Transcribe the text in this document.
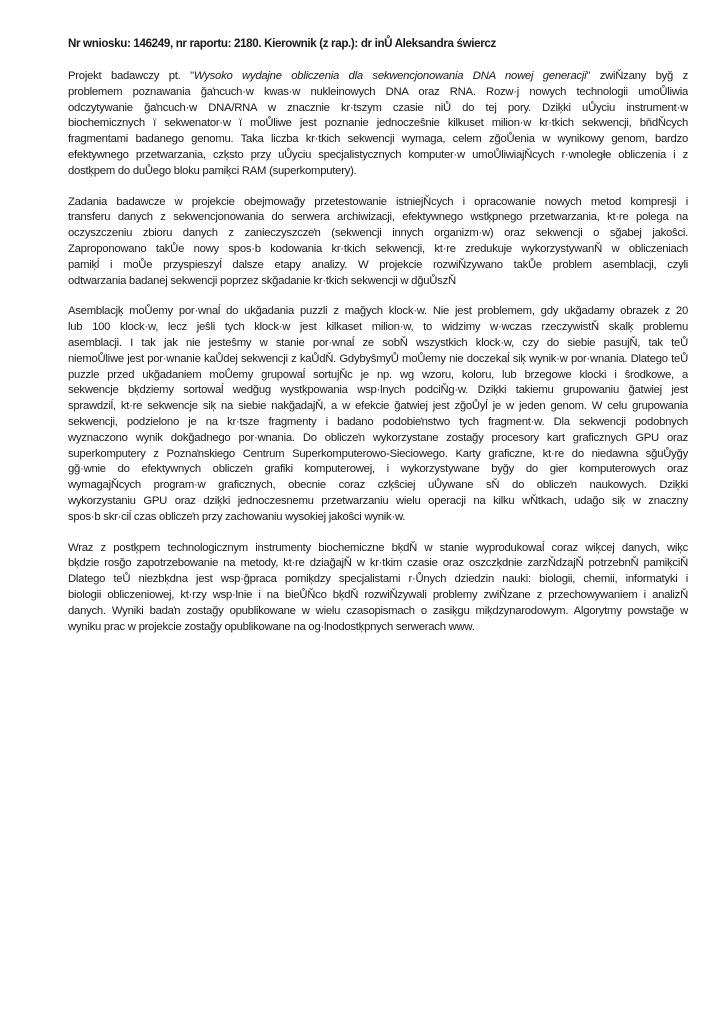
Nr wniosku: 146249, nr raportu: 2180. Kierownik (z rap.): dr inŮ Aleksandra świercz
Projekt badawczy pt. "Wysoko wydajne obliczenia dla sekwencjonowania DNA nowej generacji" zwiŇzany byğ z
problemem poznawania ğaŉcuch·w kwas·w nukleinowych DNA oraz RNA. Rozw·j nowych technologii umoŮliwia
odczytywanie ğaŉcuch·w DNA/RNA w znacznie kr·tszym czasie niŮ do tej pory. Dziķki uŮyciu instrument·w
biochemicznych ï sekwenator·w ï moŮliwe jest poznanie jednoczeŝnie kilkuset milion·w kr·tkich sekwencji, bňdŇcych
fragmentami badanego genomu. Taka liczba kr·tkich sekwencji wymaga, celem zğoŮenia w wynikowy genom, bardzo
efektywnego przetwarzania, czķsto przy uŮyciu specjalistycznych komputer·w umoŮliwiajŇcych r·wnoległe obliczenia i z
dostķpem do duŮego bloku pamiķci RAM (superkomputery).
Zadania badawcze w projekcie obejmowağy przetestowanie istniejŇcych i opracowanie nowych metod kompresji i
transferu danych z sekwencjonowania do serwera archiwizacji, efektywnego wstķpnego przetwarzania, kt·re polega na
oczyszczeniu zbioru danych z zanieczyszczeŉ (sekwencji innych organizm·w) oraz sekwencji o sğabej jakoŝci.
Zaproponowano takŮe nowy spos·b kodowania kr·tkich sekwencji, kt·re zredukuje wykorzystywanŇ w obliczeniach
pamiķĺ i moŮe przyspieszyĺ dalsze etapy analizy. W projekcie rozwiŇzywano takŮe problem asemblacji, czyli
odtwarzania badanej sekwencji poprzez skğadanie kr·tkich sekwencji w dğuŮszŇ
Asemblacjķ moŮemy por·wnaĺ do ukğadania puzzli z mağych klock·w. Nie jest problemem, gdy ukğadamy obrazek z 20
lub 100 klock·w, lecz jeŝli tych klock·w jest kilkaset milion·w, to widzimy w·wczas rzeczywistŇ skalķ problemu
asemblacji. I tak jak nie jesteŝmy w stanie por·wnaĺ ze sobŇ wszystkich klock·w, czy do siebie pasujŇ, tak teŮ
niemoŮliwe jest por·wnanie kaŮdej sekwencji z kaŮdŇ. GdybyŝmyŮ moŮemy nie doczekaĺ siķ wynik·w por·wnania. Dlatego teŮ
puzzle przed ukğadaniem moŮemy grupowaĺ sortujŇc je np. wg wzoru, koloru, lub brzegowe klocki i ŝrodkowe, a
sekwencje bķdziemy sortowaĺ wedğug wystķpowania wsp·lnych podciŇg·w. Dziķki takiemu grupowaniu ğatwiej jest
sprawdziĺ, kt·re sekwencje siķ na siebie nakğadajŇ, a w efekcie ğatwiej jest zğoŮyĺ je w jeden genom. W celu grupowania
sekwencji, podzielono je na kr·tsze fragmenty i badano podobieŉstwo tych fragment·w. Dla sekwencji podobnych
wyznaczono wynik dokğadnego por·wnania. Do obliczeŉ wykorzystane zostağy procesory kart graficznych GPU oraz
superkomputery z Poznaŉskiego Centrum Superkomputerowo-Sieciowego. Karty graficzne, kt·re do niedawna sğuŮyğy
gğ·wnie do efektywnych obliczeŉ grafiki komputerowej, i wykorzystywane byğy do gier komputerowych oraz
wymagajŇcych program·w graficznych, obecnie coraz czķŝciej uŮywane sŇ do obliczeŉ naukowych. Dziķki
wykorzystaniu GPU oraz dziķki jednoczesnemu przetwarzaniu wielu operacji na kilku wŇtkach, udağo siķ w znaczny
spos·b skr·ciĺ czas obliczeŉ przy zachowaniu wysokiej jakoŝci wynik·w.
Wraz z postķpem technologicznym instrumenty biochemiczne bķdŇ w stanie wyprodukowaĺ coraz wiķcej danych, wiķc
bķdzie rosğo zapotrzebowanie na metody, kt·re dziağajŇ w kr·tkim czasie oraz oszczķdnie zarzŇdzajŇ potrzebnŇ pamiķciŇ
Dlatego teŮ niezbķdna jest wsp·ğpraca pomiķdzy specjalistami r·Ůnych dziedzin nauki: biologii, chemii, informatyki i
biologii obliczeniowej, kt·rzy wsp·lnie i na bieŮŇco bķdŇ rozwiŇzywali problemy zwiŇzane z przechowywaniem i analizŇ
danych. Wyniki badaŉ zostağy opublikowane w wielu czasopismach o zasiķgu miķdzynarodowym. Algorytmy powstağe w
wyniku prac w projekcie zostağy opublikowane na og·lnodostķpnych serwerach www.
